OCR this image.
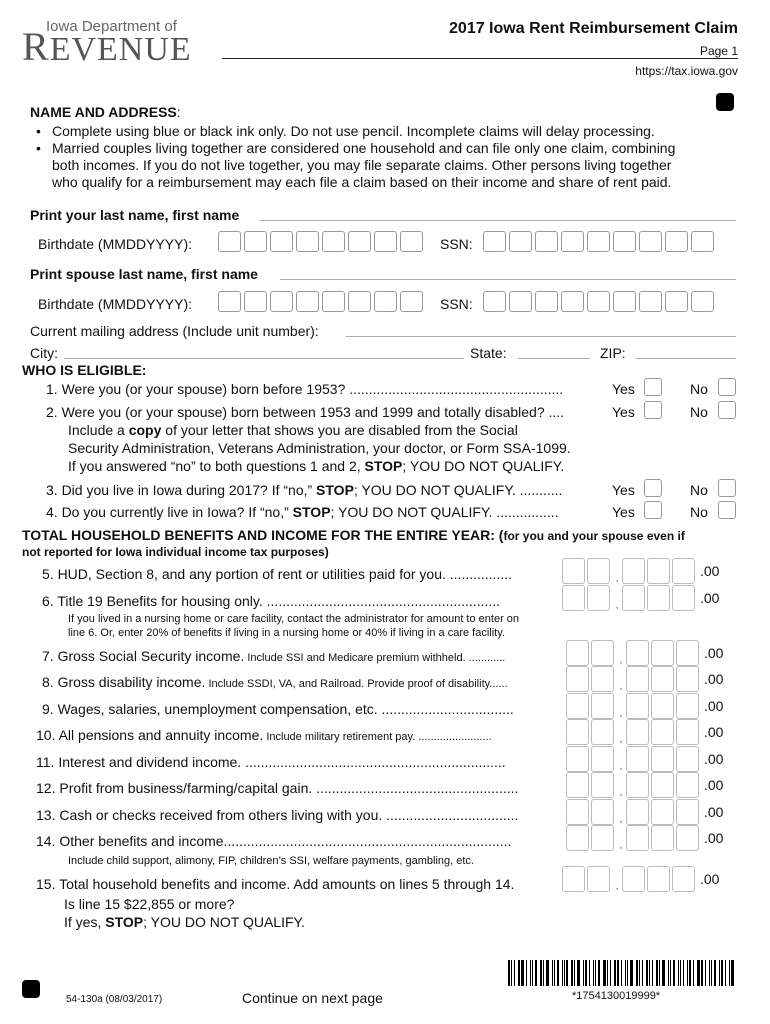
Iowa Department of
REVENUE
2017 Iowa Rent Reimbursement Claim
Page 1
https://tax.iowa.gov
NAME AND ADDRESS:
• Complete using blue or black ink only. Do not use pencil. Incomplete claims will delay processing.
• Married couples living together are considered one household and can file only one claim, combining
both incomes. If you do not live together, you may file separate claims. Other persons living together
who qualify for a reimbursement may each file a claim based on their income and share of rent paid.
Print your last name, first name
Birthdate (MMDDYYYY):	SSN:
Print spouse last name, first name
Birthdate (MMDDYYYY):	SSN:
Current mailing address (Include unit number):
City:	State:	ZIP:
WHO IS ELIGIBLE:
1. Were you (or your spouse) born before 1953? .......................................................	Yes	No
2. Were you (or your spouse) born between 1953 and 1999 and totally disabled? ....	Yes	No
Include a copy of your letter that shows you are disabled from the Social
Security Administration, Veterans Administration, your doctor, or Form SSA-1099.
If you answered “no” to both questions 1 and 2, STOP; YOU DO NOT QUALIFY.
3. Did you live in Iowa during 2017? If “no,” STOP; YOU DO NOT QUALIFY. ...........	Yes	No
4. Do you currently live in Iowa? If “no,” STOP; YOU DO NOT QUALIFY. ................	Yes	No
TOTAL HOUSEHOLD BENEFITS AND INCOME FOR THE ENTIRE YEAR: (for you and your spouse even if
not reported for Iowa individual income tax purposes)
5. HUD, Section 8, and any portion of rent or utilities paid for you. ................	,	.00
6. Title 19 Benefits for housing only. ............................................................	,	.00
If you lived in a nursing home or care facility, contact the administrator for amount to enter on
line 6. Or, enter 20% of benefits if living in a nursing home or 40% if living in a care facility.
7. Gross Social Security income. Include SSI and Medicare premium withheld. ............	,	.00
8. Gross disability income. Include SSDI, VA, and Railroad. Provide proof of disability......	,	.00
9. Wages, salaries, unemployment compensation, etc. ..................................	,	.00
10. All pensions and annuity income. Include military retirement pay. ........................	,	.00
11. Interest and dividend income. ...................................................................	,	.00
12. Profit from business/farming/capital gain. ....................................................	,	.00
13. Cash or checks received from others living with you. ..................................	,	.00
14. Other benefits and income..........................................................................	,	.00
Include child support, alimony, FIP, children’s SSI, welfare payments, gambling, etc.
15. Total household benefits and income. Add amounts on lines 5 through 14.	,	.00
Is line 15 $22,855 or more?
If yes, STOP; YOU DO NOT QUALIFY.
54-130a (08/03/2017)	Continue on next page	*1754130019999*
